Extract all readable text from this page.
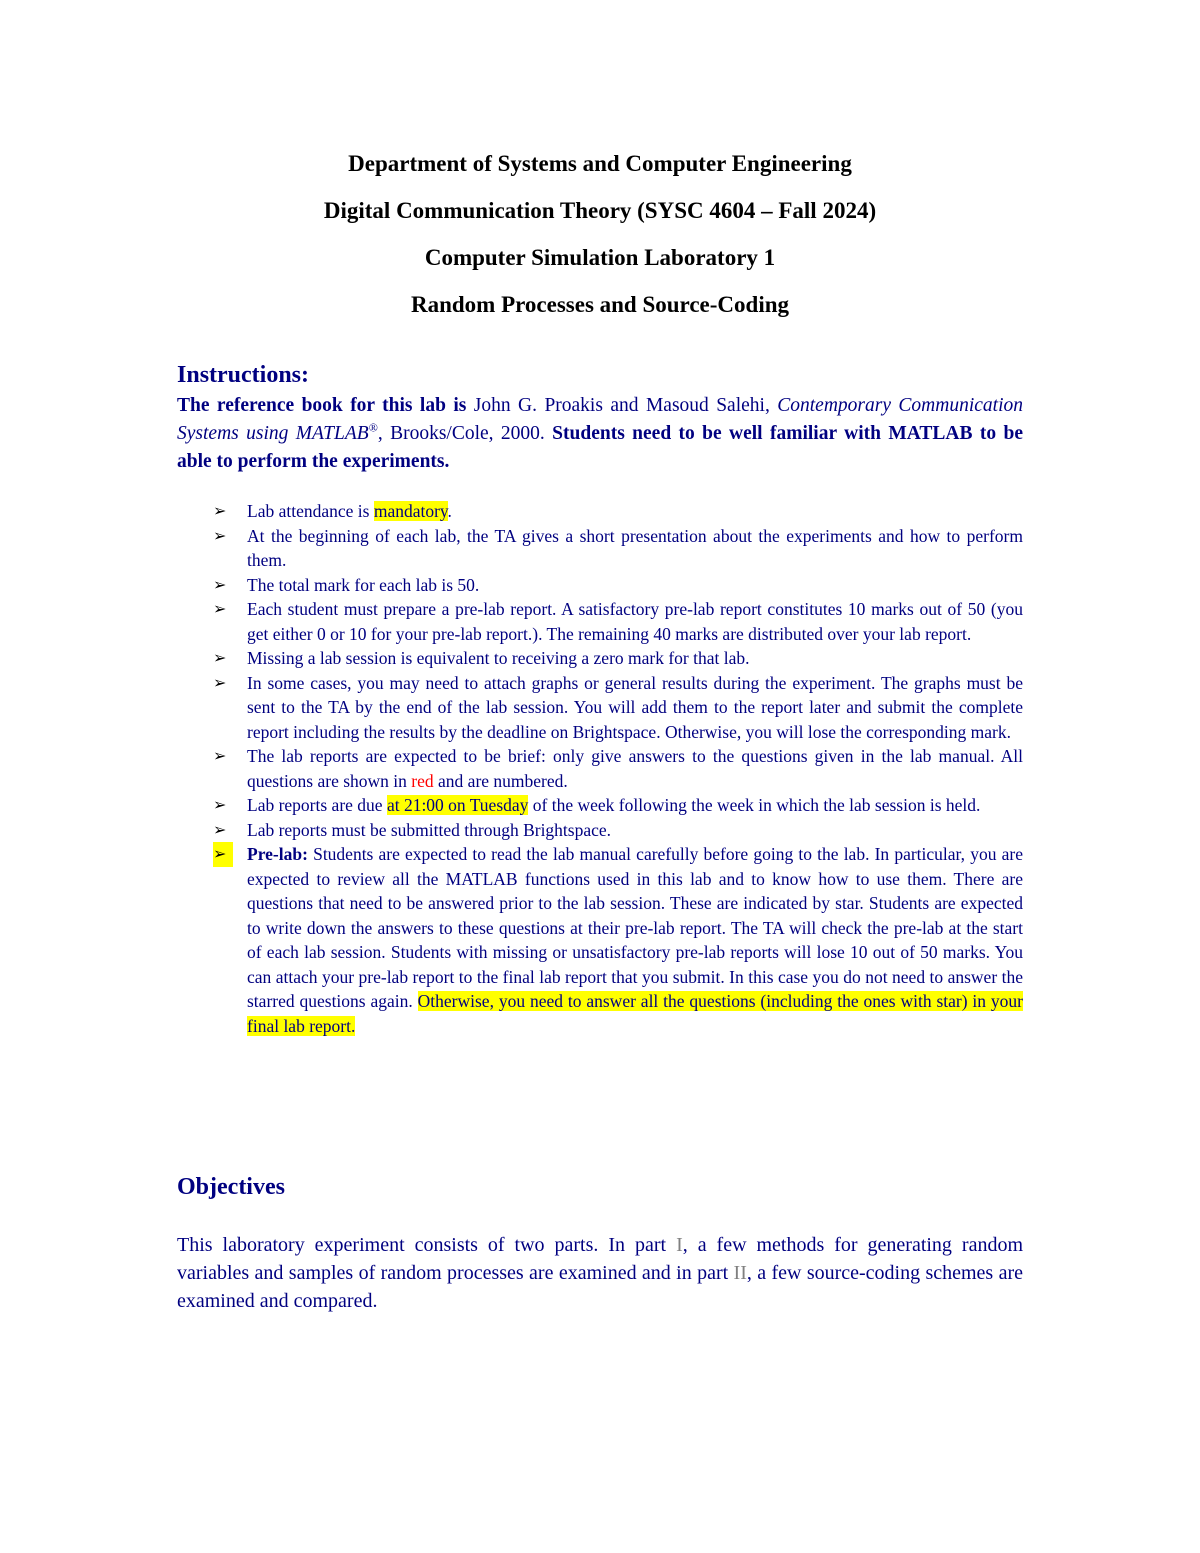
Department of Systems and Computer Engineering
Digital Communication Theory (SYSC 4604 – Fall 2024)
Computer Simulation Laboratory 1
Random Processes and Source-Coding
Instructions:
The reference book for this lab is John G. Proakis and Masoud Salehi, Contemporary Communication Systems using MATLAB®, Brooks/Cole, 2000. Students need to be well familiar with MATLAB to be able to perform the experiments.
➢	Lab attendance is mandatory.
➢	At the beginning of each lab, the TA gives a short presentation about the experiments and how to perform them.
➢	The total mark for each lab is 50.
➢	Each student must prepare a pre-lab report. A satisfactory pre-lab report constitutes 10 marks out of 50 (you get either 0 or 10 for your pre-lab report.). The remaining 40 marks are distributed over your lab report.
➢	Missing a lab session is equivalent to receiving a zero mark for that lab.
➢	In some cases, you may need to attach graphs or general results during the experiment. The graphs must be sent to the TA by the end of the lab session. You will add them to the report later and submit the complete report including the results by the deadline on Brightspace. Otherwise, you will lose the corresponding mark.
➢	The lab reports are expected to be brief: only give answers to the questions given in the lab manual. All questions are shown in red and are numbered.
➢	Lab reports are due at 21:00 on Tuesday of the week following the week in which the lab session is held.
➢	Lab reports must be submitted through Brightspace.
➢	Pre-lab: Students are expected to read the lab manual carefully before going to the lab. In particular, you are expected to review all the MATLAB functions used in this lab and to know how to use them. There are questions that need to be answered prior to the lab session. These are indicated by star. Students are expected to write down the answers to these questions at their pre-lab report. The TA will check the pre-lab at the start of each lab session. Students with missing or unsatisfactory pre-lab reports will lose 10 out of 50 marks. You can attach your pre-lab report to the final lab report that you submit. In this case you do not need to answer the starred questions again. Otherwise, you need to answer all the questions (including the ones with star) in your final lab report.
Objectives
This laboratory experiment consists of two parts. In part I, a few methods for generating random variables and samples of random processes are examined and in part II, a few source-coding schemes are examined and compared.
